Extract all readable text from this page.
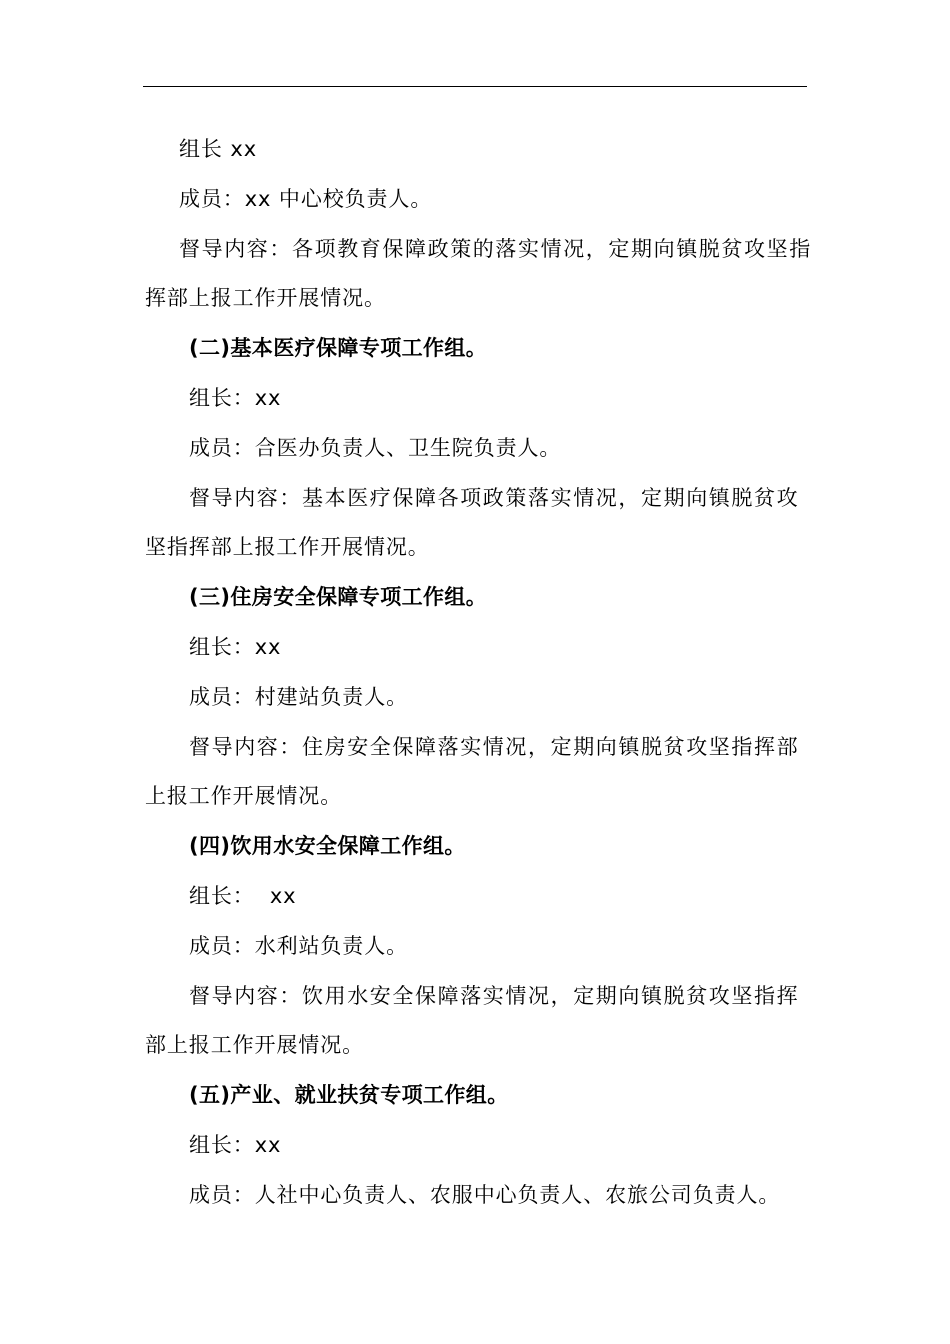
组长 xx
成员：xx 中心校负责人。
督导内容：各项教育保障政策的落实情况，定期向镇脱贫攻坚指
挥部上报工作开展情况。
(二)基本医疗保障专项工作组。
组长：xx
成员：合医办负责人、卫生院负责人。
督导内容：基本医疗保障各项政策落实情况，定期向镇脱贫攻
坚指挥部上报工作开展情况。
(三)住房安全保障专项工作组。
组长：xx
成员：村建站负责人。
督导内容：住房安全保障落实情况，定期向镇脱贫攻坚指挥部
上报工作开展情况。
(四)饮用水安全保障工作组。
组长：  xx
成员：水利站负责人。
督导内容：饮用水安全保障落实情况，定期向镇脱贫攻坚指挥
部上报工作开展情况。
(五)产业、就业扶贫专项工作组。
组长：xx
成员：人社中心负责人、农服中心负责人、农旅公司负责人。
